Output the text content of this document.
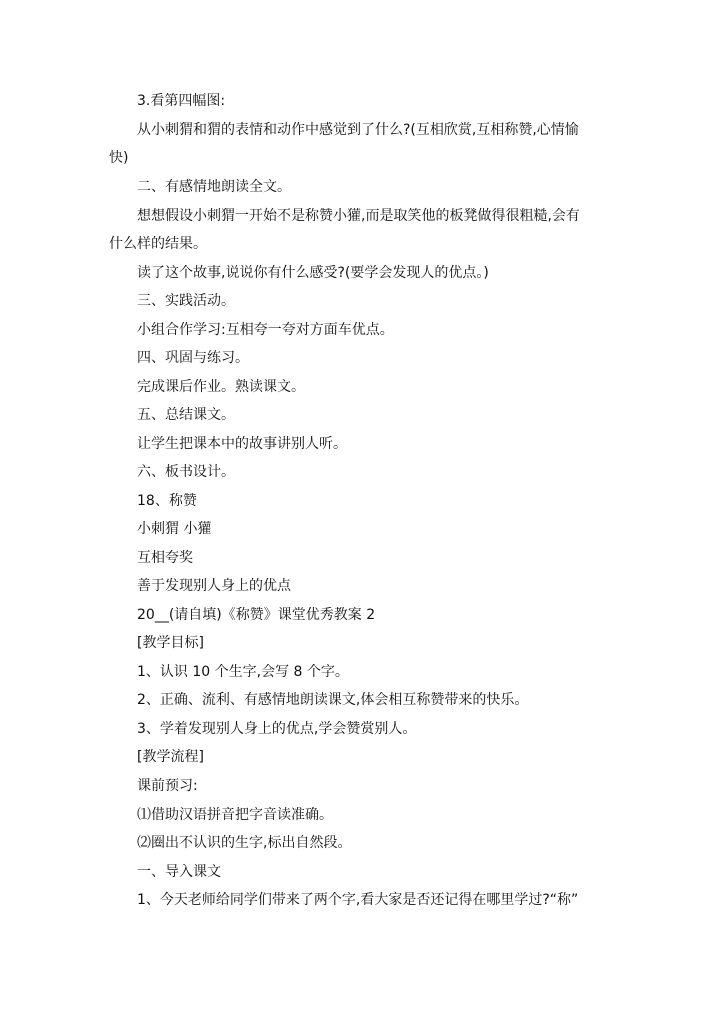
3.看第四幅图:

从小刺猬和猬的表情和动作中感觉到了什么?(互相欣赏,互相称赞,心情愉

快)

二、有感情地朗读全文。

想想假设小刺猬一开始不是称赞小獾,而是取笑他的板凳做得很粗糙,会有

什么样的结果。

读了这个故事,说说你有什么感受?(要学会发现人的优点。)

三、实践活动。

小组合作学习:互相夸一夸对方面车优点。

四、巩固与练习。

完成课后作业。熟读课文。

五、总结课文。

让学生把课本中的故事讲别人听。

六、板书设计。

18、称赞

小刺猬 小獾

互相夸奖

善于发现别人身上的优点

20__(请自填)《称赞》课堂优秀教案 2

[教学目标]

1、认识 10 个生字,会写 8 个字。

2、正确、流利、有感情地朗读课文,体会相互称赞带来的快乐。

3、学着发现别人身上的优点,学会赞赏别人。

[教学流程]

课前预习:

⑴借助汉语拼音把字音读准确。

⑵圈出不认识的生字,标出自然段。

一、导入课文

1、今天老师给同学们带来了两个字,看大家是否还记得在哪里学过?“称”
